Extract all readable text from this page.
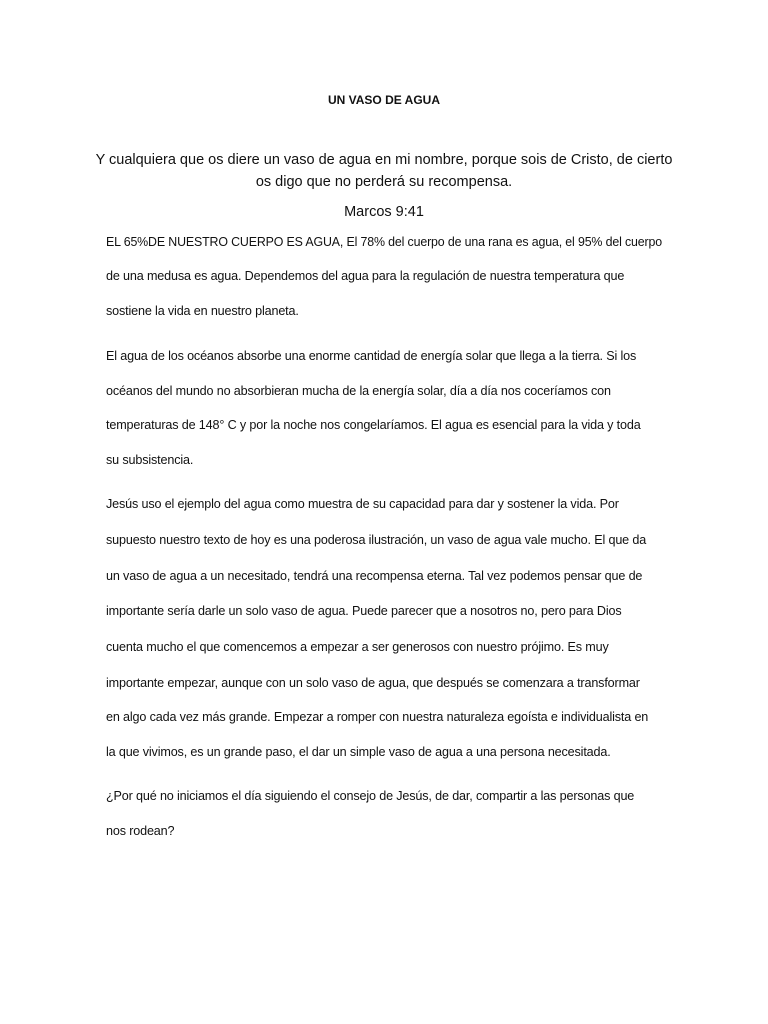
UN VASO DE AGUA
Y cualquiera que os diere un vaso de agua en mi nombre, porque sois de Cristo, de cierto
os digo que no perderá su recompensa.
Marcos 9:41
EL 65%DE NUESTRO CUERPO ES AGUA, El 78% del cuerpo de una rana es agua, el 95% del cuerpo
de una medusa es agua. Dependemos del agua para la regulación de nuestra temperatura que
sostiene la vida en nuestro planeta.
El agua de los océanos absorbe una enorme cantidad de energía solar que llega a la tierra. Si los
océanos del mundo no absorbieran mucha de la energía solar, día a día nos coceríamos con
temperaturas de 148° C y por la noche nos congelaríamos. El agua es esencial para la vida y toda
su subsistencia.
Jesús uso el ejemplo del agua como muestra de su capacidad para dar y sostener la vida. Por
supuesto nuestro texto de hoy es una poderosa ilustración, un vaso de agua vale mucho. El que da
un vaso de agua a un necesitado, tendrá una recompensa eterna. Tal vez podemos pensar que de
importante sería darle un solo vaso de agua. Puede parecer que a nosotros no, pero para Dios
cuenta mucho el que comencemos a empezar a ser generosos con nuestro prójimo. Es muy
importante empezar, aunque con un solo vaso de agua, que después se comenzara a transformar
en algo cada vez más grande. Empezar a romper con nuestra naturaleza egoísta e individualista en
la que vivimos, es un grande paso, el dar un simple vaso de agua a una persona necesitada.
¿Por qué no iniciamos el día siguiendo el consejo de Jesús, de dar, compartir a las personas que
nos rodean?
